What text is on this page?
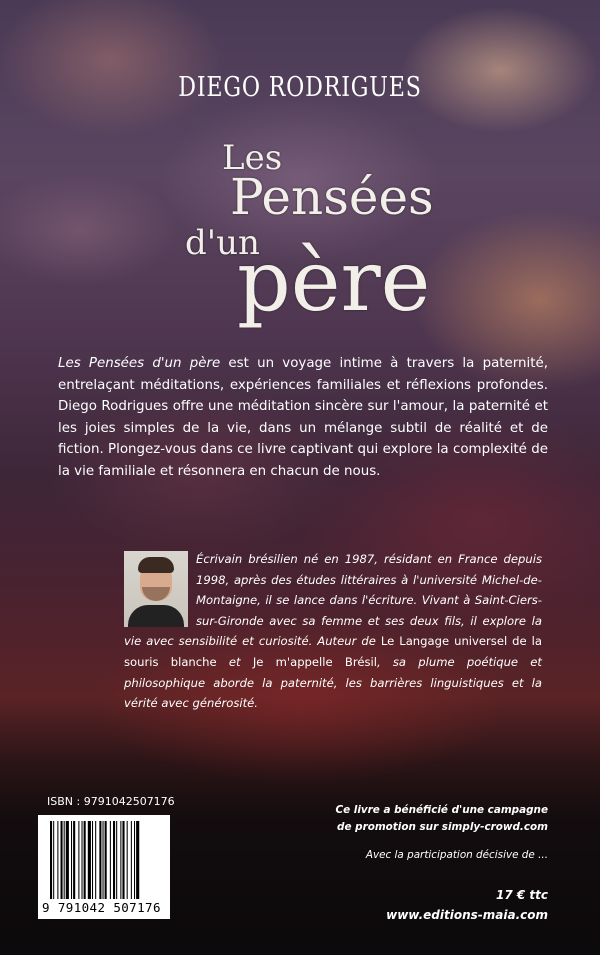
DIEGO RODRIGUES
Les
Pensées
d'un
père
Les Pensées d'un père est un voyage intime à travers la paternité, entrelaçant méditations, expériences familiales et réflexions profondes. Diego Rodrigues offre une méditation sincère sur l'amour, la paternité et les joies simples de la vie, dans un mélange subtil de réalité et de fiction. Plongez-vous dans ce livre captivant qui explore la complexité de la vie familiale et résonnera en chacun de nous.
Écrivain brésilien né en 1987, résidant en France depuis 1998, après des études littéraires à l'université Michel-de-Montaigne, il se lance dans l'écriture. Vivant à Saint-Ciers-sur-Gironde avec sa femme et ses deux fils, il explore la vie avec sensibilité et curiosité. Auteur de Le Langage universel de la souris blanche et Je m'appelle Brésil, sa plume poétique et philosophique aborde la paternité, les barrières linguistiques et la vérité avec générosité.
ISBN : 9791042507176
9 791042 507176
Ce livre a bénéficié d'une campagne
de promotion sur simply-crowd.com
Avec la participation décisive de ...
17 € ttc
www.editions-maia.com
